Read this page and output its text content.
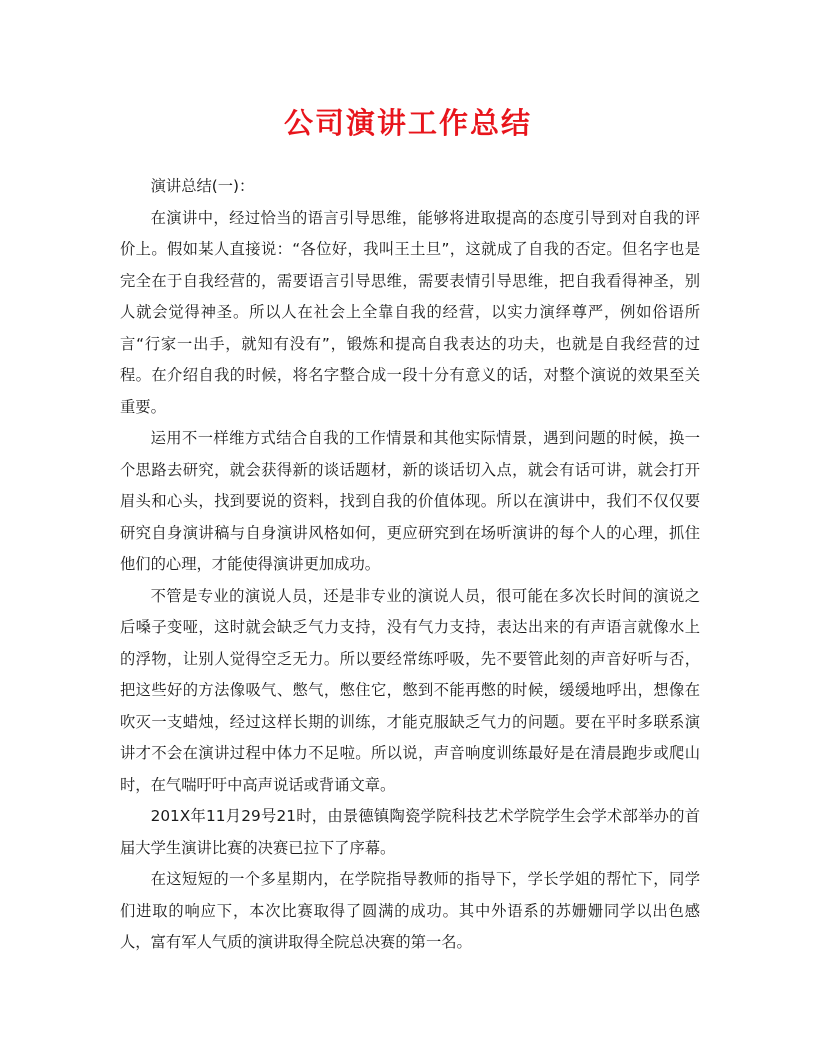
公司演讲工作总结

演讲总结(一)：

在演讲中，经过恰当的语言引导思维，能够将进取提高的态度引导到对自我的评价上。假如某人直接说：“各位好，我叫王土旦”，这就成了自我的否定。但名字也是完全在于自我经营的，需要语言引导思维，需要表情引导思维，把自我看得神圣，别人就会觉得神圣。所以人在社会上全靠自我的经营，以实力演绎尊严，例如俗语所言“行家一出手，就知有没有”，锻炼和提高自我表达的功夫，也就是自我经营的过程。在介绍自我的时候，将名字整合成一段十分有意义的话，对整个演说的效果至关重要。

运用不一样维方式结合自我的工作情景和其他实际情景，遇到问题的时候，换一个思路去研究，就会获得新的谈话题材，新的谈话切入点，就会有话可讲，就会打开眉头和心头，找到要说的资料，找到自我的价值体现。所以在演讲中，我们不仅仅要研究自身演讲稿与自身演讲风格如何，更应研究到在场听演讲的每个人的心理，抓住他们的心理，才能使得演讲更加成功。

不管是专业的演说人员，还是非专业的演说人员，很可能在多次长时间的演说之后嗓子变哑，这时就会缺乏气力支持，没有气力支持，表达出来的有声语言就像水上的浮物，让别人觉得空乏无力。所以要经常练呼吸，先不要管此刻的声音好听与否，把这些好的方法像吸气、憋气，憋住它，憋到不能再憋的时候，缓缓地呼出，想像在吹灭一支蜡烛，经过这样长期的训练，才能克服缺乏气力的问题。要在平时多联系演讲才不会在演讲过程中体力不足啦。所以说，声音响度训练最好是在清晨跑步或爬山时，在气喘吁吁中高声说话或背诵文章。

201X年11月29号21时，由景德镇陶瓷学院科技艺术学院学生会学术部举办的首届大学生演讲比赛的决赛已拉下了序幕。

在这短短的一个多星期内，在学院指导教师的指导下，学长学姐的帮忙下，同学们进取的响应下，本次比赛取得了圆满的成功。其中外语系的苏姗姗同学以出色感人，富有军人气质的演讲取得全院总决赛的第一名。
